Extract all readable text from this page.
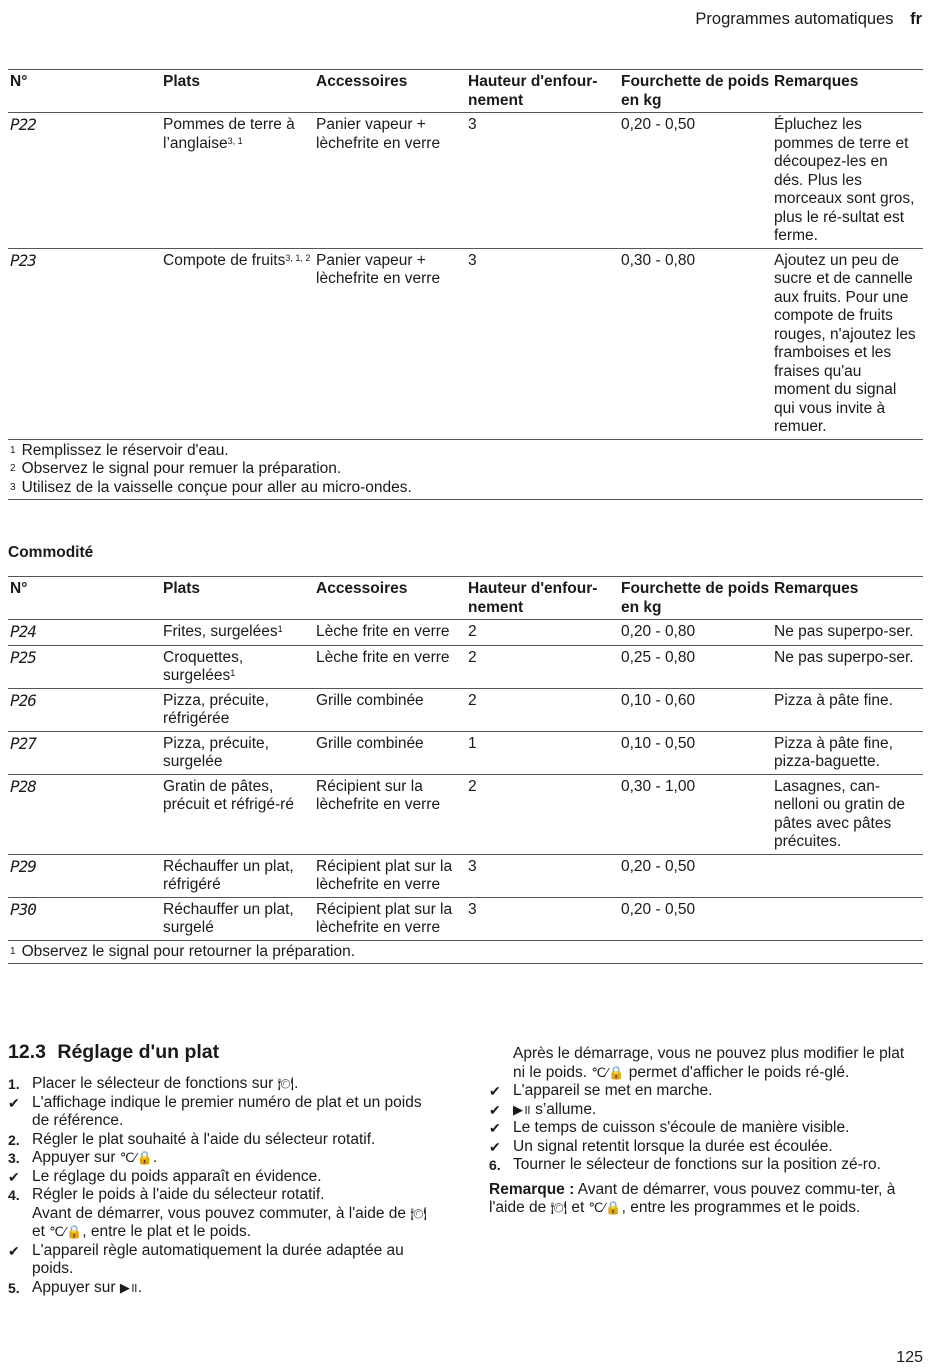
Programmes automatiques fr
N°	Plats	Accessoires	Hauteur d'enfour-nement	Fourchette de poids en kg	Remarques
P22	Pommes de terre à l’anglaise$^{3, 1}$	Panier vapeur + lèchefrite en verre	3	0,20 - 0,50	Épluchez les pommes de terre et découpez-les en dés. Plus les morceaux sont gros, plus le ré-sultat est ferme.
P23	Compote de fruits$^{3, 1, 2}$	Panier vapeur + lèchefrite en verre	3	0,30 - 0,80	Ajoutez un peu de sucre et de cannelle aux fruits. Pour une compote de fruits rouges, n'ajoutez les framboises et les fraises qu'au moment du signal qui vous invite à remuer.

$^1$ Remplissez le réservoir d'eau.
$^2$ Observez le signal pour remuer la préparation.
$^3$ Utilisez de la vaisselle conçue pour aller au micro-ondes.					
Commodité
N°	Plats	Accessoires	Hauteur d'enfour-nement	Fourchette de poids en kg	Remarques
P24	Frites, surgelées$^1$	Lèche frite en verre	2	0,20 - 0,80	Ne pas superpo-ser.
P25	Croquettes, surgelées$^1$	Lèche frite en verre	2	0,25 - 0,80	Ne pas superpo-ser.
P26	Pizza, précuite, réfrigérée	Grille combinée	2	0,10 - 0,60	Pizza à pâte fine.
P27	Pizza, précuite, surgelée	Grille combinée	1	0,10 - 0,50	Pizza à pâte fine, pizza-baguette.
P28	Gratin de pâtes, précuit et réfrigé-ré	Récipient sur la lèchefrite en verre	2	0,30 - 1,00	Lasagnes, can-nelloni ou gratin de pâtes avec pâtes précuites.
P29	Réchauffer un plat, réfrigéré	Récipient plat sur la lèchefrite en verre	3	0,20 - 0,50	
P30	Réchauffer un plat, surgelé	Récipient plat sur la lèchefrite en verre	3	0,20 - 0,50	

$^1$ Observez le signal pour retourner la préparation.					
12.3 Réglage d'un plat

1. Placer le sélecteur de fonctions sur 🍽.

✔ L'affichage indique le premier numéro de plat et un poids de référence.

2. Régler le plat souhaité à l'aide du sélecteur rotatif.

3. Appuyer sur ℃⁄🔒.

✔ Le réglage du poids apparaît en évidence.

4. Régler le poids à l'aide du sélecteur rotatif.
Avant de démarrer, vous pouvez commuter, à l'aide de 🍽 et ℃⁄🔒, entre le plat et le poids.

✔ L'appareil règle automatiquement la durée adaptée au poids.

5. Appuyer sur ▶॥.

Après le démarrage, vous ne pouvez plus modifier le plat ni le poids. ℃⁄🔒 permet d'afficher le poids ré-glé.

✔ L'appareil se met en marche.

✔ ▶॥ s’allume.

✔ Le temps de cuisson s'écoule de manière visible.

✔ Un signal retentit lorsque la durée est écoulée.

6. Tourner le sélecteur de fonctions sur la position zé-ro.

Remarque : Avant de démarrer, vous pouvez commu-ter, à l'aide de 🍽 et ℃⁄🔒, entre les programmes et le poids.

125
